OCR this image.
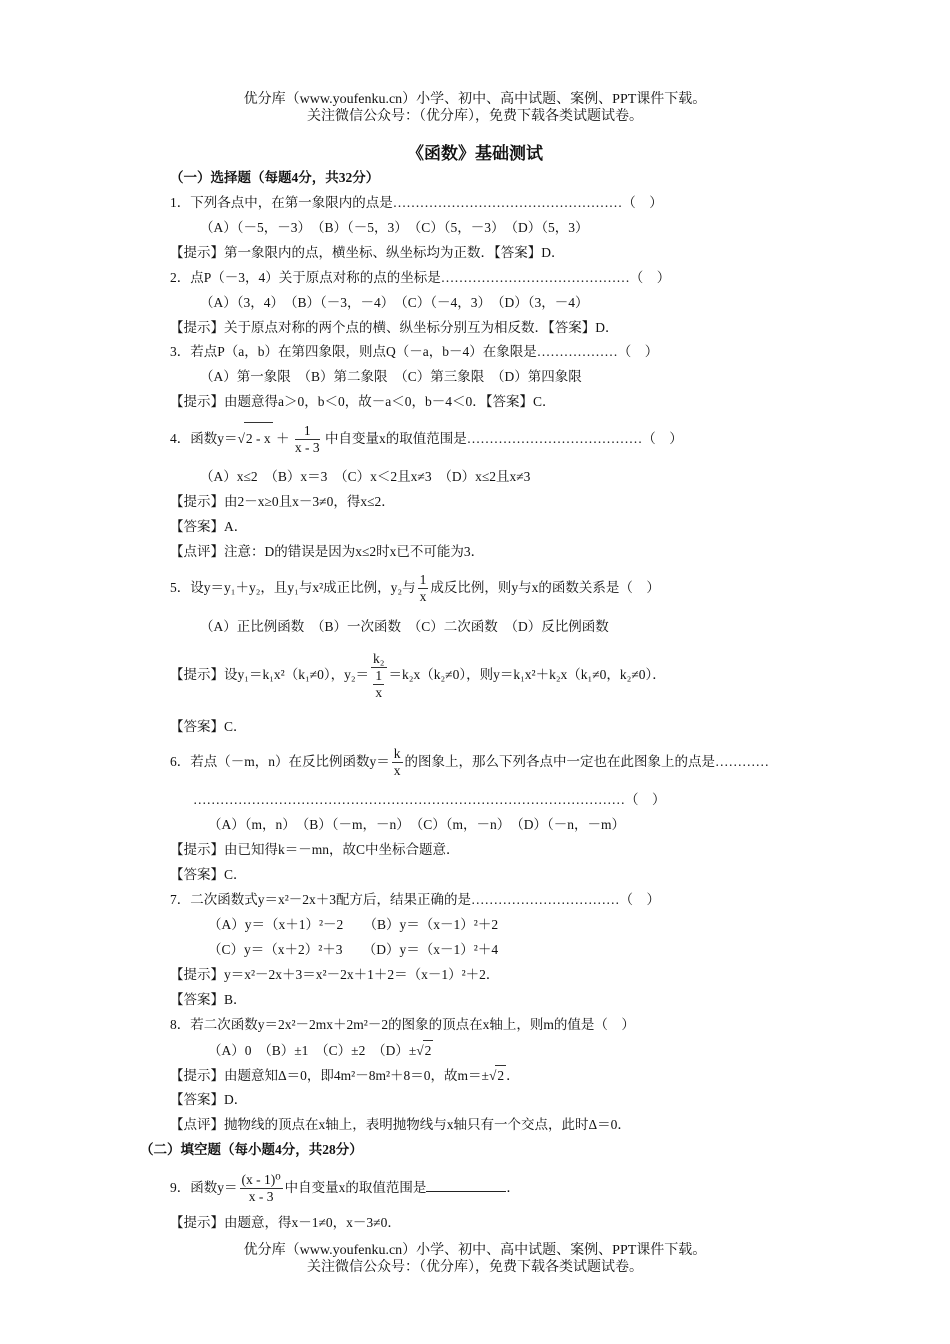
优分库（www.youfenku.cn）小学、初中、高中试题、案例、PPT课件下载。
关注微信公众号：（优分库），免费下载各类试题试卷。
《函数》基础测试
（一）选择题（每题4分，共32分）
1．下列各点中，在第一象限内的点是……………………………………………（　）
（A）（－5，－3）　（B）（－5，3）　（C）（5，－3）　（D）（5，3）
【提示】第一象限内的点，横坐标、纵坐标均为正数．【答案】D．
2．点P（－3，4）关于原点对称的点的坐标是……………………………………（　）
（A）（3，4）　（B）（－3，－4）　（C）（－4，3）　（D）（3，－4）
【提示】关于原点对称的两个点的横、纵坐标分别互为相反数．【答案】D．
3．若点P（a，b）在第四象限，则点Q（－a，b－4）在象限是………………（　）
（A）第一象限　（B）第二象限　（C）第三象限　（D）第四象限
【提示】由题意得a＞0，b＜0，故－a＜0，b－4＜0．【答案】C．
4．函数$y=√2 - x + \frac{1}{x - 3}$ 中自变量x的取值范围是…………………………………（　）
（A）x≤2　（B）x＝3　（C）x＜2且x≠3　（D）x≤2且x≠3
【提示】由2－x≥0且x－3≠0，得x≤2．
【答案】A．
【点评】注意：D的错误是因为x≤2时x已不可能为3．
5．设y＝y₁＋y₂，且y₁与x²成正比例，y₂与 $\frac{1}{x}$ 成反比例，则y与x的函数关系是（　）
（A）正比例函数　（B）一次函数　（C）二次函数　（D）反比例函数
【提示】设y₁＝k₁x²（k₁≠0），$y_2= \frac{\text{k₂}}{\frac{1}{x}} =k_2x(k_2\ne 0)$，则y＝k₁x²＋k₂x（k₁≠0，k₂≠0）．
【答案】C．
6．若点（－m，n）在反比例函数$y= \frac{k}{x}$ 的图象上，那么下列各点中一定也在此图象上的点是…………
……………………………………………………………………………………（　）
（A）（m，n）　（B）（－m，－n）　（C）（m，－n）　（D）（－n，－m）
【提示】由已知得k＝－mn，故C中坐标合题意．
【答案】C．
7．二次函数式y＝x²－2x＋3配方后，结果正确的是……………………………（　）
（A）y＝（x＋1）²－2　　（B）y＝（x－1）²＋2
（C）y＝（x＋2）²＋3　　（D）y＝（x－1）²＋4
【提示】y＝x²－2x＋3＝x²－2x＋1＋2＝（x－1）²＋2．
【答案】B．
8．若二次函数y＝2x²－2mx＋2m²－2的图象的顶点在x轴上，则m的值是（　）
（A）0　（B）±1　（C）±2　（D）±√2
【提示】由题意知Δ＝0，即4m²－8m²＋8＝0，故m＝±√2 ．
【答案】D．
【点评】抛物线的顶点在x轴上，表明抛物线与x轴只有一个交点，此时Δ＝0．
（二）填空题（每小题4分，共28分）
9．函数$y= \frac{\text{(x - 1)⁰}}{x - 3}$ 中自变量x的取值范围是	．
【提示】由题意，得x－1≠0，x－3≠0．
优分库（www.youfenku.cn）小学、初中、高中试题、案例、PPT课件下载。
关注微信公众号：（优分库），免费下载各类试题试卷。
